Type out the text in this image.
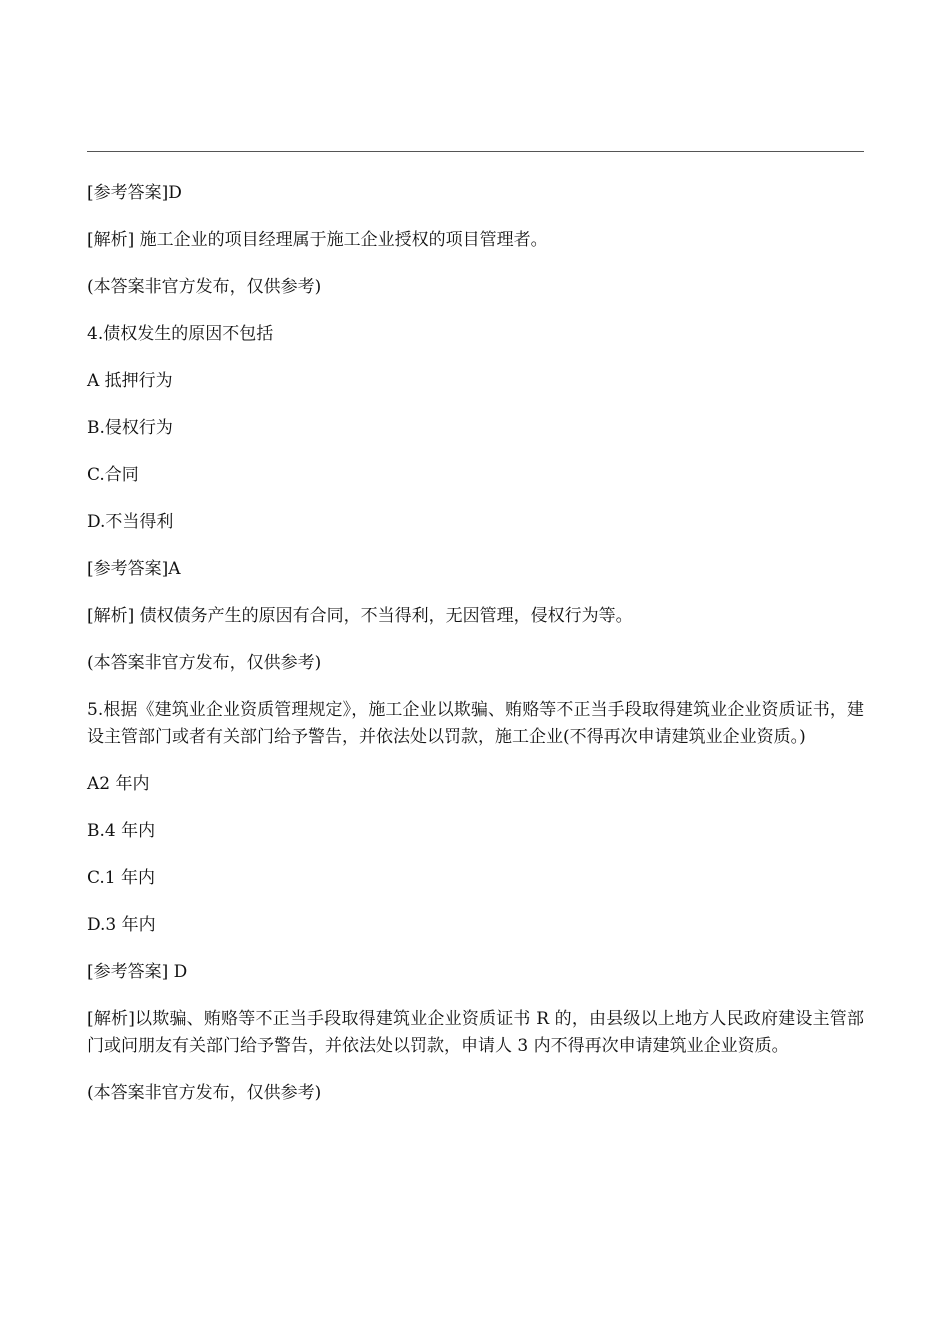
[参考答案]D

[解析] 施工企业的项目经理属于施工企业授权的项目管理者。

(本答案非官方发布，仅供参考)

4.债权发生的原因不包括

A 抵押行为

B.侵权行为

C.合同

D.不当得利

[参考答案]A

[解析] 债权债务产生的原因有合同，不当得利，无因管理，侵权行为等。

(本答案非官方发布，仅供参考)

5.根据《建筑业企业资质管理规定》，施工企业以欺骗、贿赂等不正当手段取得建筑业企业资质证书，建设主管部门或者有关部门给予警告，并依法处以罚款，施工企业(不得再次申请建筑业企业资质。)

A2 年内

B.4 年内

C.1 年内

D.3 年内

[参考答案] D

[解析]以欺骗、贿赂等不正当手段取得建筑业企业资质证书 R 的，由县级以上地方人民政府建设主管部门或问朋友有关部门给予警告，并依法处以罚款，申请人 3 内不得再次申请建筑业企业资质。

(本答案非官方发布，仅供参考)
